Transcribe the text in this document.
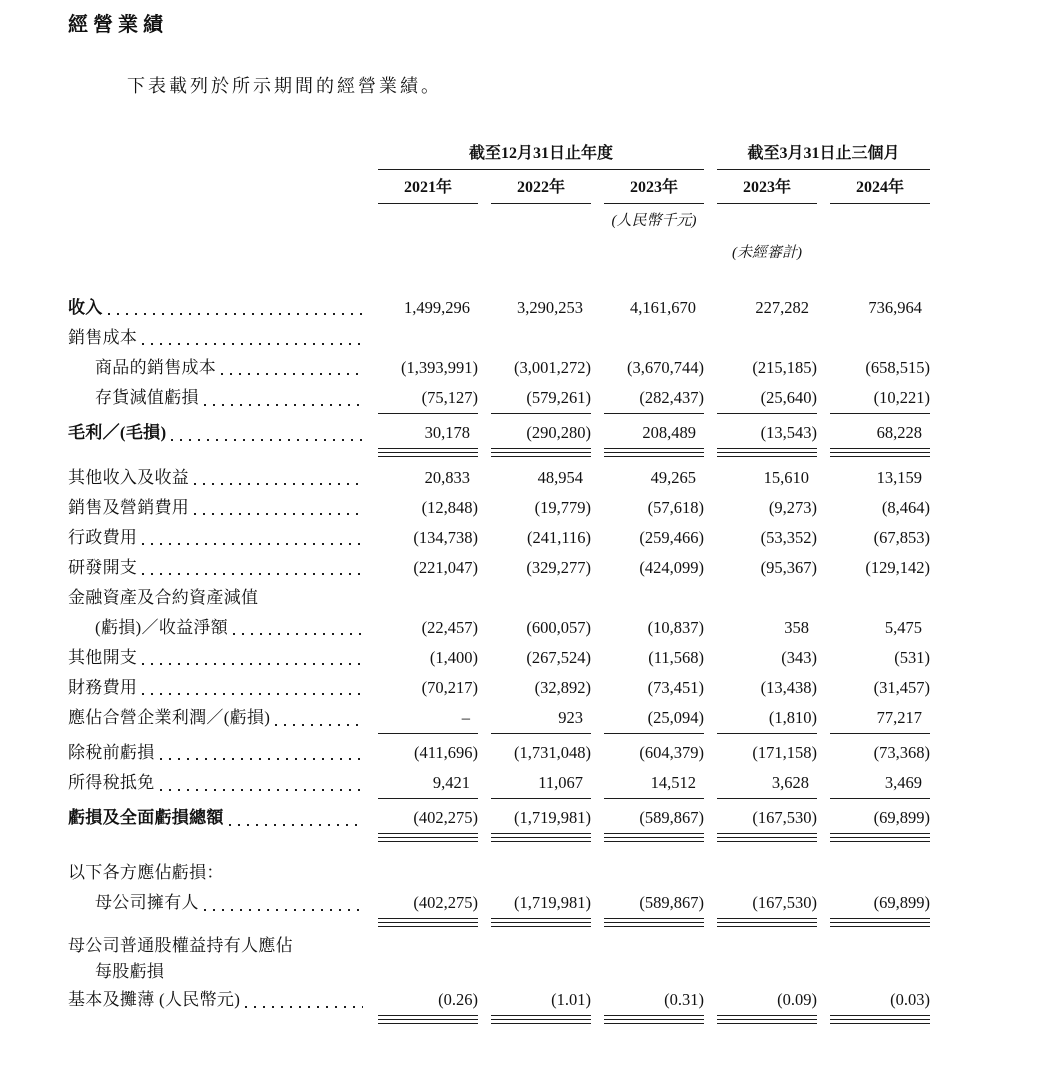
經營業績

下表載列於所示期間的經營業績。

截至12月31日止年度	截至3月31日止三個月
2021年	2022年	2023年	2023年	2024年
(人民幣千元)
(未經審計)
收入	1,499,296	3,290,253	4,161,670	227,282	736,964
銷售成本
商品的銷售成本	(1,393,991)	(3,001,272)	(3,670,744)	(215,185)	(658,515)
存貨減值虧損	(75,127)	(579,261)	(282,437)	(25,640)	(10,221)
毛利／(毛損)	30,178	(290,280)	208,489	(13,543)	68,228
其他收入及收益	20,833	48,954	49,265	15,610	13,159
銷售及營銷費用	(12,848)	(19,779)	(57,618)	(9,273)	(8,464)
行政費用	(134,738)	(241,116)	(259,466)	(53,352)	(67,853)
研發開支	(221,047)	(329,277)	(424,099)	(95,367)	(129,142)
金融資產及合約資產減值
(虧損)／收益淨額	(22,457)	(600,057)	(10,837)	358	5,475
其他開支	(1,400)	(267,524)	(11,568)	(343)	(531)
財務費用	(70,217)	(32,892)	(73,451)	(13,438)	(31,457)
應佔合營企業利潤／(虧損)	–	923	(25,094)	(1,810)	77,217
除稅前虧損	(411,696)	(1,731,048)	(604,379)	(171,158)	(73,368)
所得稅抵免	9,421	11,067	14,512	3,628	3,469
虧損及全面虧損總額	(402,275)	(1,719,981)	(589,867)	(167,530)	(69,899)
以下各方應佔虧損：
母公司擁有人	(402,275)	(1,719,981)	(589,867)	(167,530)	(69,899)
母公司普通股權益持有人應佔
每股虧損
基本及攤薄 (人民幣元)	(0.26)	(1.01)	(0.31)	(0.09)	(0.03)
